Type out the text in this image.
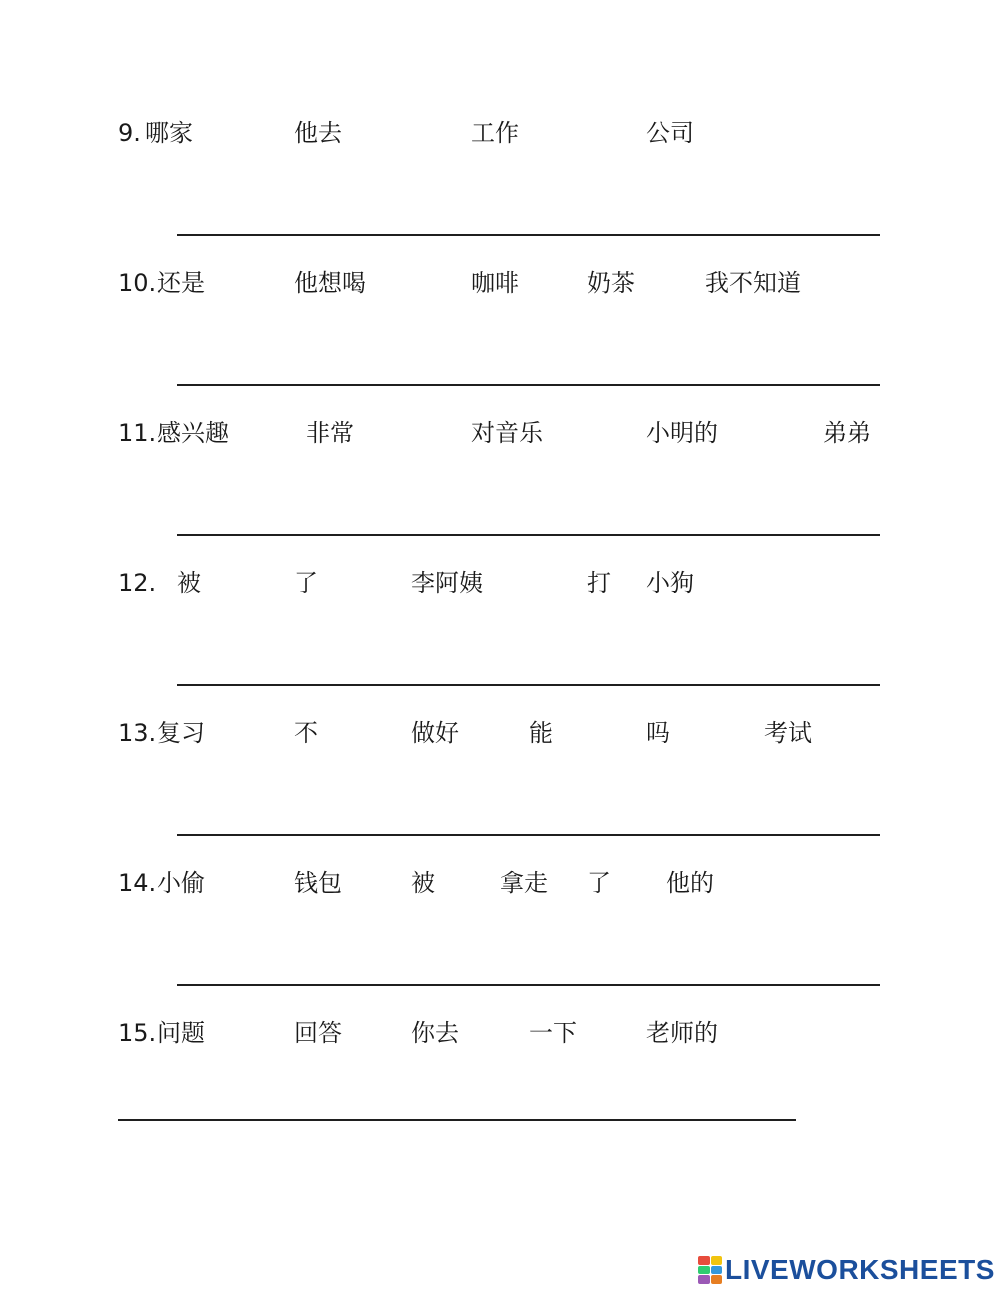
9. 哪家	他去	工作	公司
10. 还是	他想喝	咖啡	奶茶	我不知道
11. 感兴趣	非常	对音乐	小明的	弟弟
12. 被	了	李阿姨	打 小狗
13. 复习	不	做好	能	吗	考试
14. 小偷	钱包	被	拿走 了 他的
15. 问题	回答	你去	一下	老师的
LIVEWORKSHEETS
